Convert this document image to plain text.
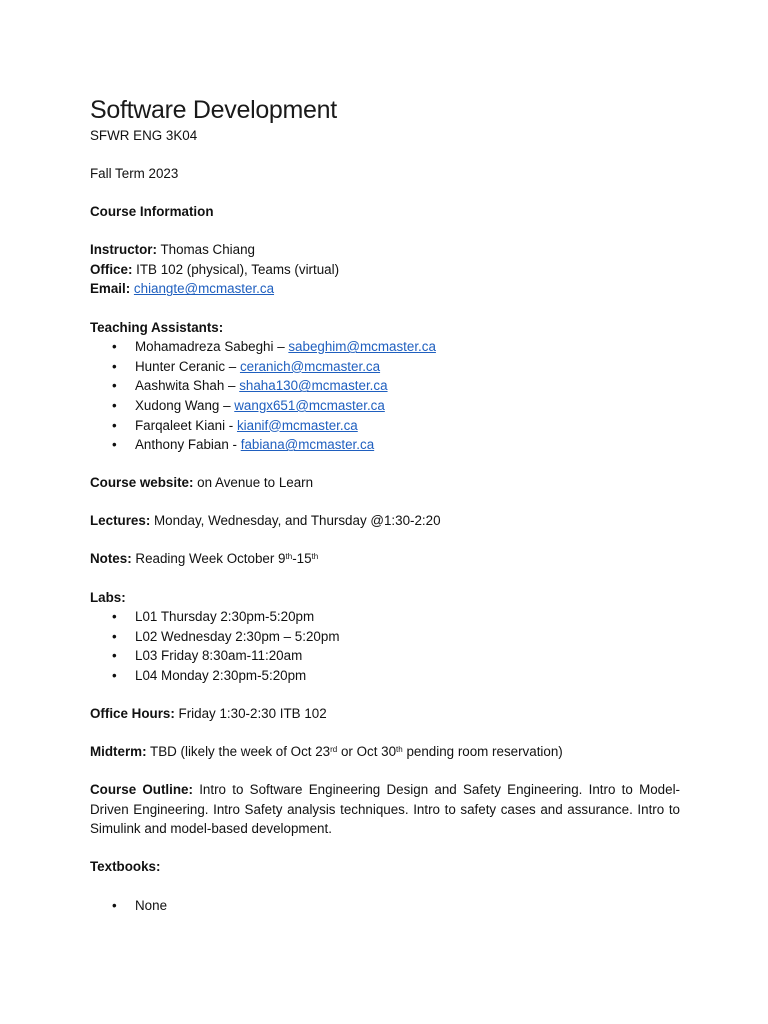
Software Development

SFWR ENG 3K04

Fall Term 2023

Course Information

Instructor: Thomas Chiang

Office: ITB 102 (physical), Teams (virtual)

Email: chiangte@mcmaster.ca

Teaching Assistants:

• Mohamadreza Sabeghi – sabeghim@mcmaster.ca
• Hunter Ceranic – ceranich@mcmaster.ca
• Aashwita Shah – shaha130@mcmaster.ca
• Xudong Wang – wangx651@mcmaster.ca
• Farqaleet Kiani - kianif@mcmaster.ca
• Anthony Fabian - fabiana@mcmaster.ca

Course website: on Avenue to Learn

Lectures: Monday, Wednesday, and Thursday @1:30-2:20

Notes: Reading Week October 9th-15th

Labs:

• L01 Thursday 2:30pm-5:20pm
• L02 Wednesday 2:30pm – 5:20pm
• L03 Friday 8:30am-11:20am
• L04 Monday 2:30pm-5:20pm

Office Hours: Friday 1:30-2:30 ITB 102

Midterm: TBD (likely the week of Oct 23rd or Oct 30th pending room reservation)

Course Outline: Intro to Software Engineering Design and Safety Engineering. Intro to Model-Driven Engineering. Intro Safety analysis techniques. Intro to safety cases and assurance. Intro to Simulink and model-based development.

Textbooks:

• None
